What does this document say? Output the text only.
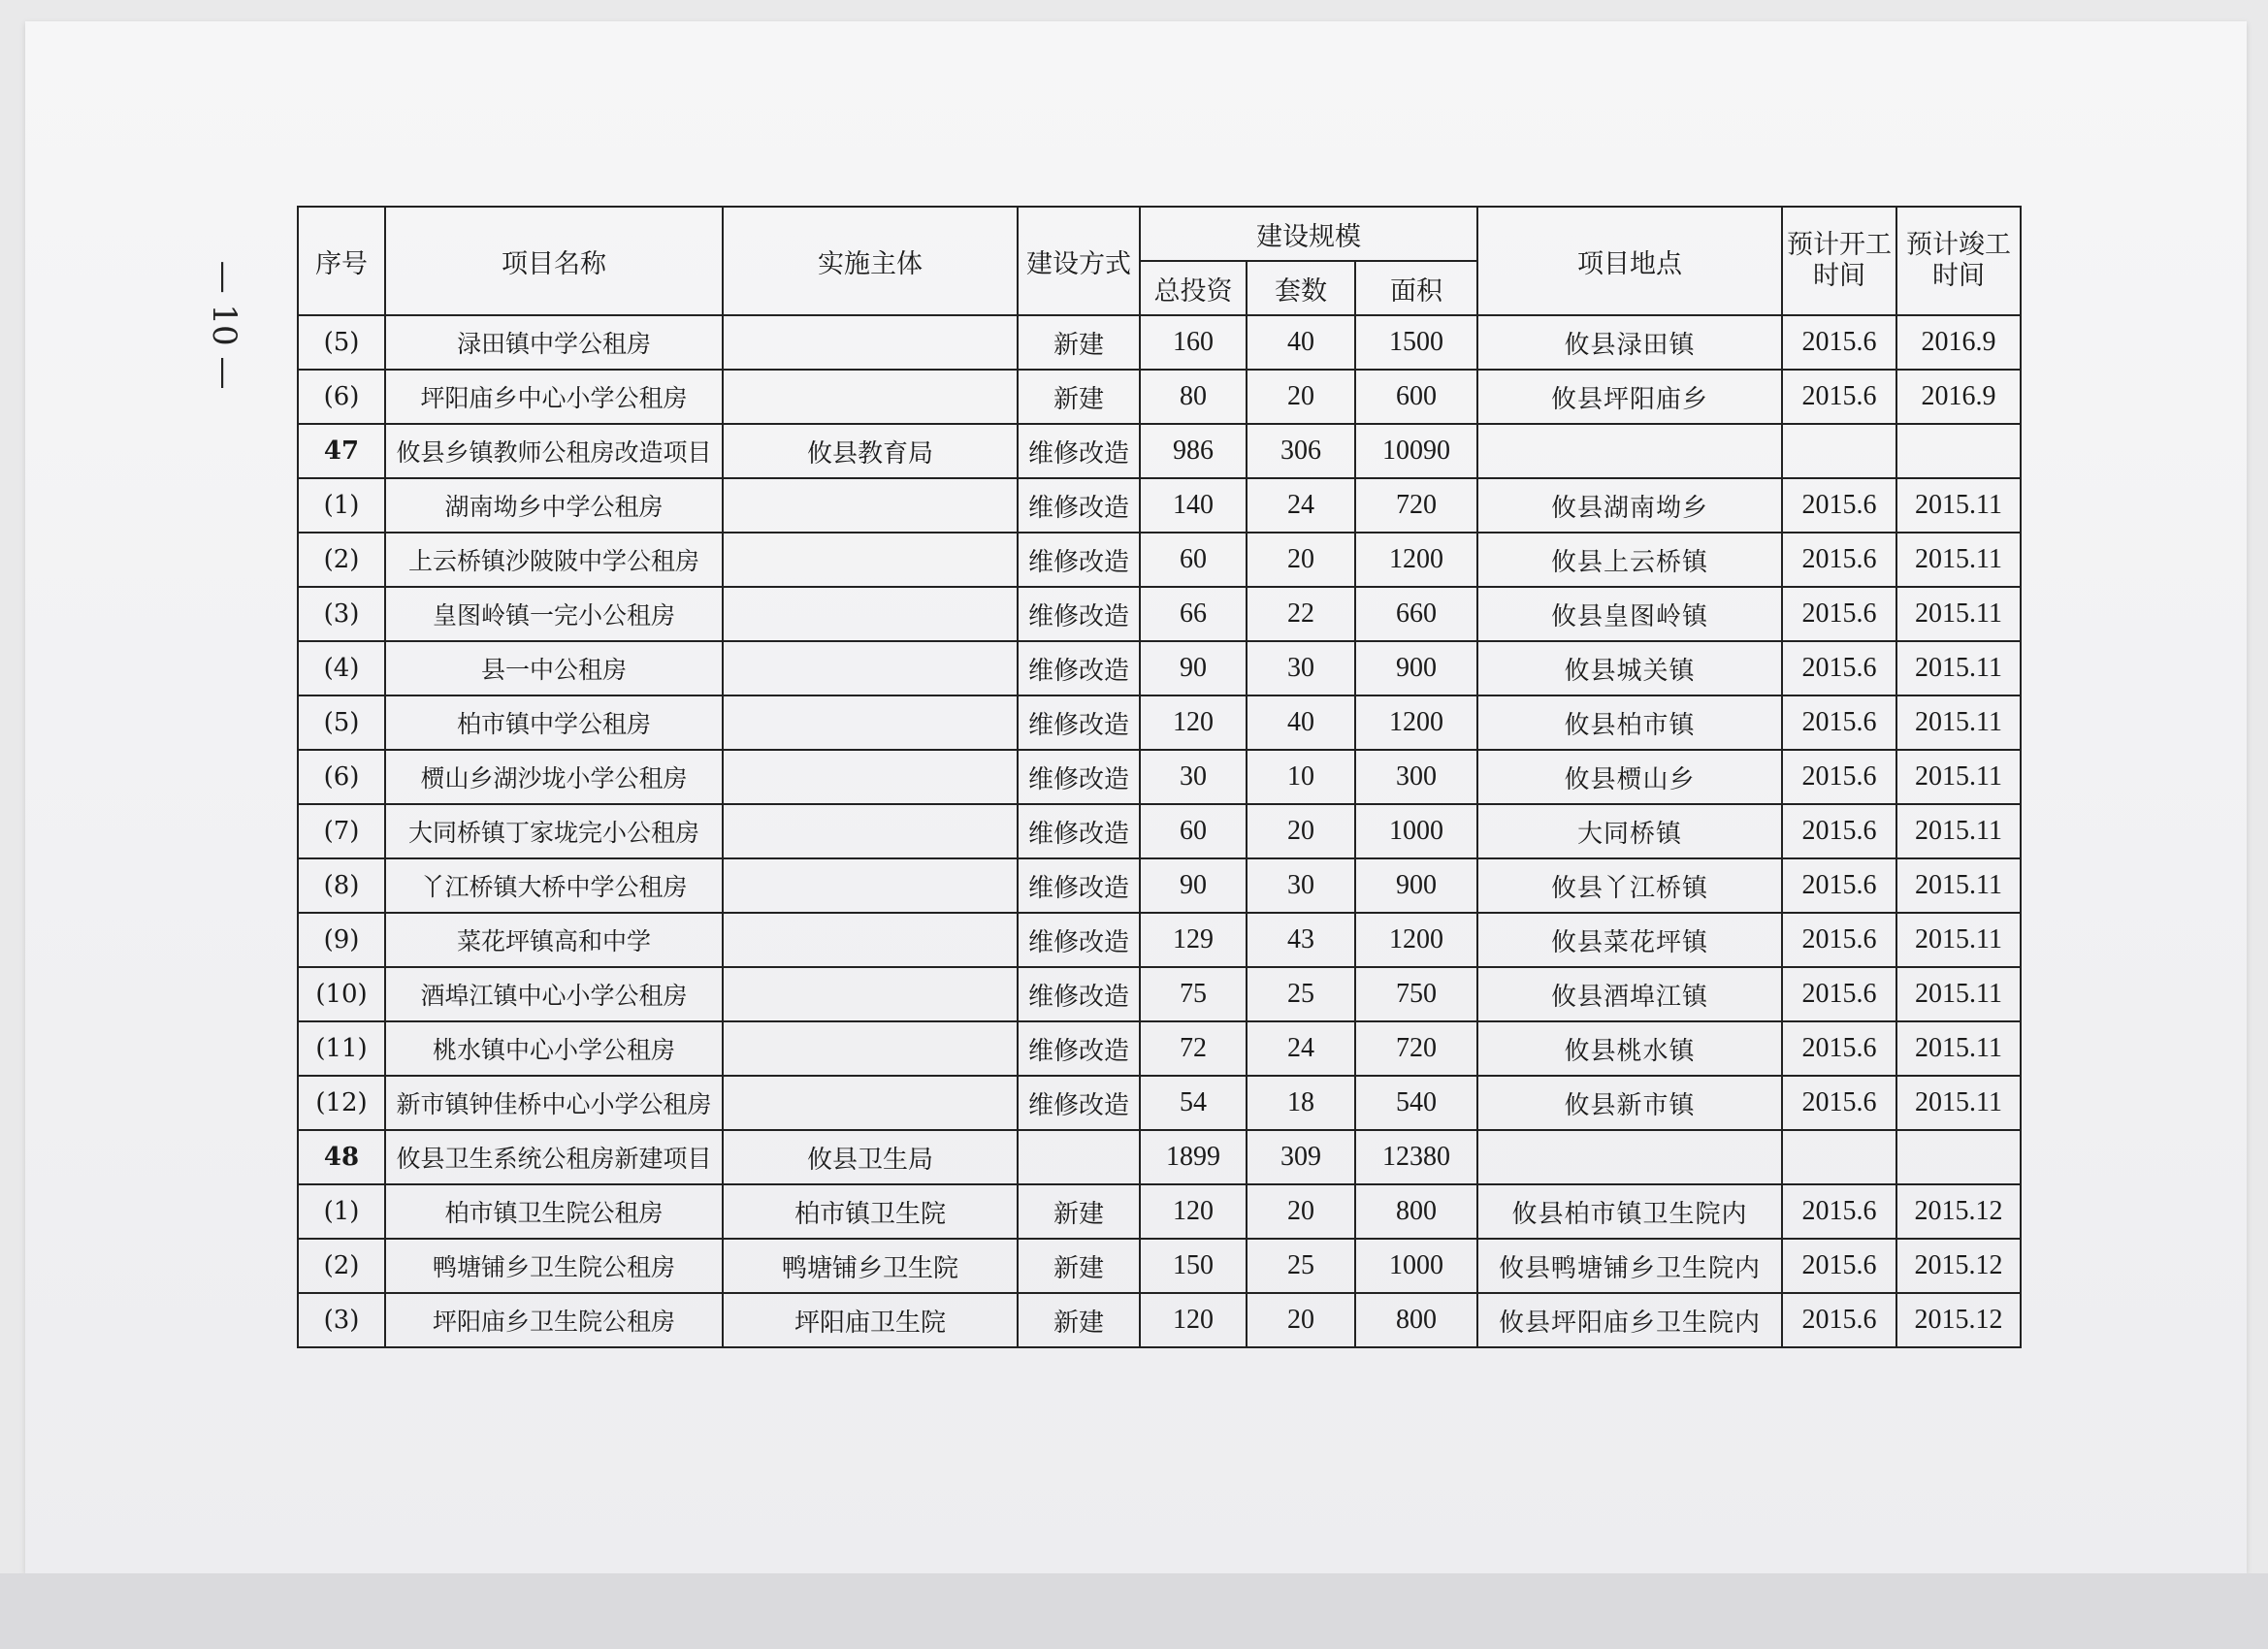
— 10 —	序号	项目名称	实施主体	建设方式	建设规模			项目地点	预计开工时间	预计竣工时间
				总投资	套数	面积			
(5)	渌田镇中学公租房		新建	160	40	1500	攸县渌田镇	2015.6	2016.9
(6)	坪阳庙乡中心小学公租房		新建	80	20	600	攸县坪阳庙乡	2015.6	2016.9
47	攸县乡镇教师公租房改造项目	攸县教育局	维修改造	986	306	10090			
(1)	湖南坳乡中学公租房		维修改造	140	24	720	攸县湖南坳乡	2015.6	2015.11
(2)	上云桥镇沙陂陂中学公租房		维修改造	60	20	1200	攸县上云桥镇	2015.6	2015.11
(3)	皇图岭镇一完小公租房		维修改造	66	22	660	攸县皇图岭镇	2015.6	2015.11
(4)	县一中公租房		维修改造	90	30	900	攸县城关镇	2015.6	2015.11
(5)	柏市镇中学公租房		维修改造	120	40	1200	攸县柏市镇	2015.6	2015.11
(6)	槚山乡湖沙垅小学公租房		维修改造	30	10	300	攸县槚山乡	2015.6	2015.11
(7)	大同桥镇丁家垅完小公租房		维修改造	60	20	1000	大同桥镇	2015.6	2015.11
(8)	丫江桥镇大桥中学公租房		维修改造	90	30	900	攸县丫江桥镇	2015.6	2015.11
(9)	菜花坪镇高和中学		维修改造	129	43	1200	攸县菜花坪镇	2015.6	2015.11
(10)	酒埠江镇中心小学公租房		维修改造	75	25	750	攸县酒埠江镇	2015.6	2015.11
(11)	桃水镇中心小学公租房		维修改造	72	24	720	攸县桃水镇	2015.6	2015.11
(12)	新市镇钟佳桥中心小学公租房		维修改造	54	18	540	攸县新市镇	2015.6	2015.11
48	攸县卫生系统公租房新建项目	攸县卫生局		1899	309	12380			
(1)	柏市镇卫生院公租房	柏市镇卫生院	新建	120	20	800	攸县柏市镇卫生院内	2015.6	2015.12
(2)	鸭塘铺乡卫生院公租房	鸭塘铺乡卫生院	新建	150	25	1000	攸县鸭塘铺乡卫生院内	2015.6	2015.12
(3)	坪阳庙乡卫生院公租房	坪阳庙卫生院	新建	120	20	800	攸县坪阳庙乡卫生院内	2015.6	2015.12
